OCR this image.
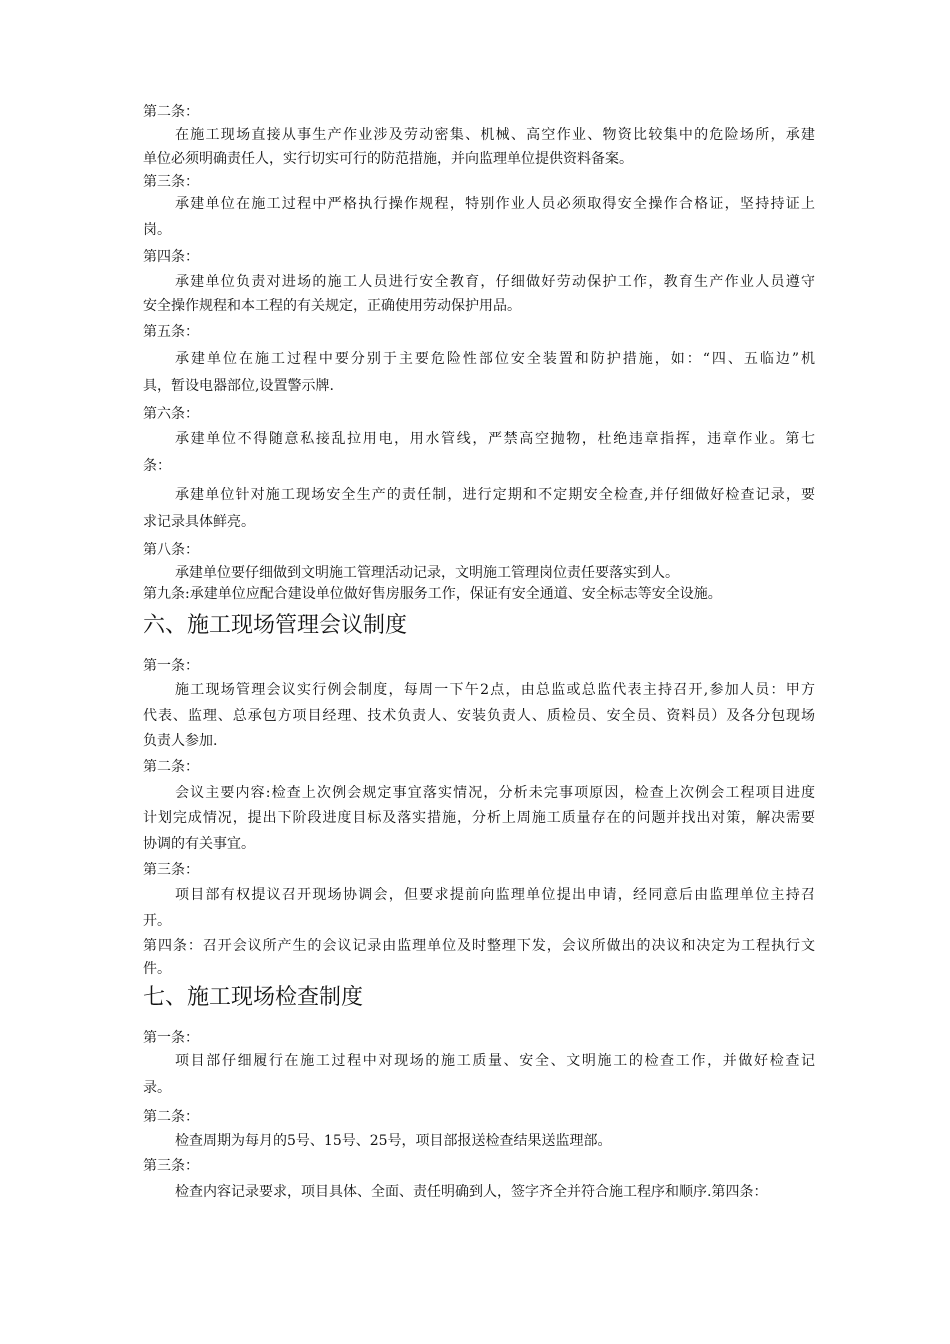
第二条：
在施工现场直接从事生产作业涉及劳动密集、机械、高空作业、物资比较集中的危险场所，承建
单位必须明确责任人，实行切实可行的防范措施，并向监理单位提供资料备案。
第三条：
承建单位在施工过程中严格执行操作规程，特别作业人员必须取得安全操作合格证，坚持持证上
岗。
第四条：
承建单位负责对进场的施工人员进行安全教育，仔细做好劳动保护工作，教育生产作业人员遵守
安全操作规程和本工程的有关规定，正确使用劳动保护用品。
第五条：
承建单位在施工过程中要分别于主要危险性部位安全装置和防护措施，如：“四、五临边”机
具，暂设电器部位,设置警示牌.
第六条：
承建单位不得随意私接乱拉用电，用水管线，严禁高空抛物，杜绝违章指挥，违章作业。第七
条：
承建单位针对施工现场安全生产的责任制，进行定期和不定期安全检查,并仔细做好检查记录，要
求记录具体鲜亮。
第八条：
承建单位要仔细做到文明施工管理活动记录，文明施工管理岗位责任要落实到人。
第九条:承建单位应配合建设单位做好售房服务工作，保证有安全通道、安全标志等安全设施。
六、施工现场管理会议制度
第一条：
施工现场管理会议实行例会制度，每周一下午2点，由总监或总监代表主持召开,参加人员：甲方
代表、监理、总承包方项目经理、技术负责人、安装负责人、质检员、安全员、资料员）及各分包现场
负责人参加.
第二条：
会议主要内容:检查上次例会规定事宜落实情况，分析未完事项原因，检查上次例会工程项目进度
计划完成情况，提出下阶段进度目标及落实措施，分析上周施工质量存在的问题并找出对策，解决需要
协调的有关事宜。
第三条：
项目部有权提议召开现场协调会，但要求提前向监理单位提出申请，经同意后由监理单位主持召
开。
第四条：召开会议所产生的会议记录由监理单位及时整理下发，会议所做出的决议和决定为工程执行文
件。
七、施工现场检查制度
第一条：
项目部仔细履行在施工过程中对现场的施工质量、安全、文明施工的检查工作，并做好检查记
录。
第二条：
检查周期为每月的5号、15号、25号，项目部报送检查结果送监理部。
第三条：
检查内容记录要求，项目具体、全面、责任明确到人，签字齐全并符合施工程序和顺序.第四条：
